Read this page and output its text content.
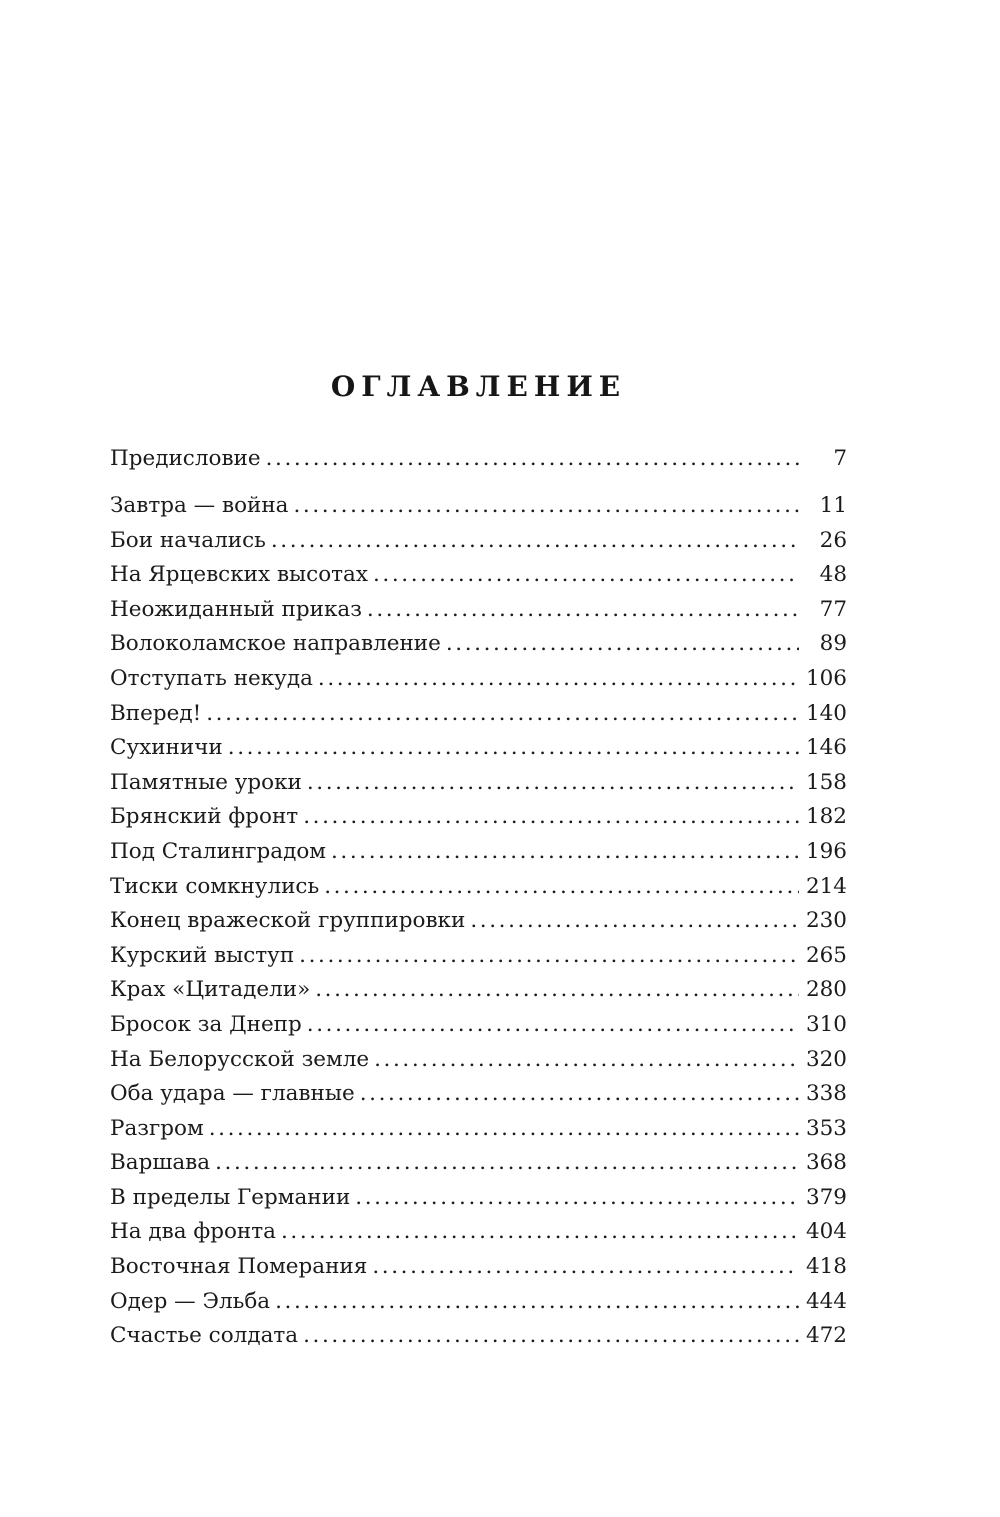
ОГЛАВЛЕНИЕ
Предисловие .....	7
Завтра — война .....	11
Бои начались .....	26
На Ярцевских высотах .....	48
Неожиданный приказ .....	77
Волоколамское направление .....	89
Отступать некуда .....	106
Вперед! .....	140
Сухиничи .....	146
Памятные уроки .....	158
Брянский фронт .....	182
Под Сталинградом .....	196
Тиски сомкнулись .....	214
Конец вражеской группировки .....	230
Курский выступ .....	265
Крах «Цитадели» .....	280
Бросок за Днепр .....	310
На Белорусской земле .....	320
Оба удара — главные .....	338
Разгром .....	353
Варшава .....	368
В пределы Германии .....	379
На два фронта .....	404
Восточная Померания .....	418
Одер — Эльба .....	444
Счастье солдата .....	472
